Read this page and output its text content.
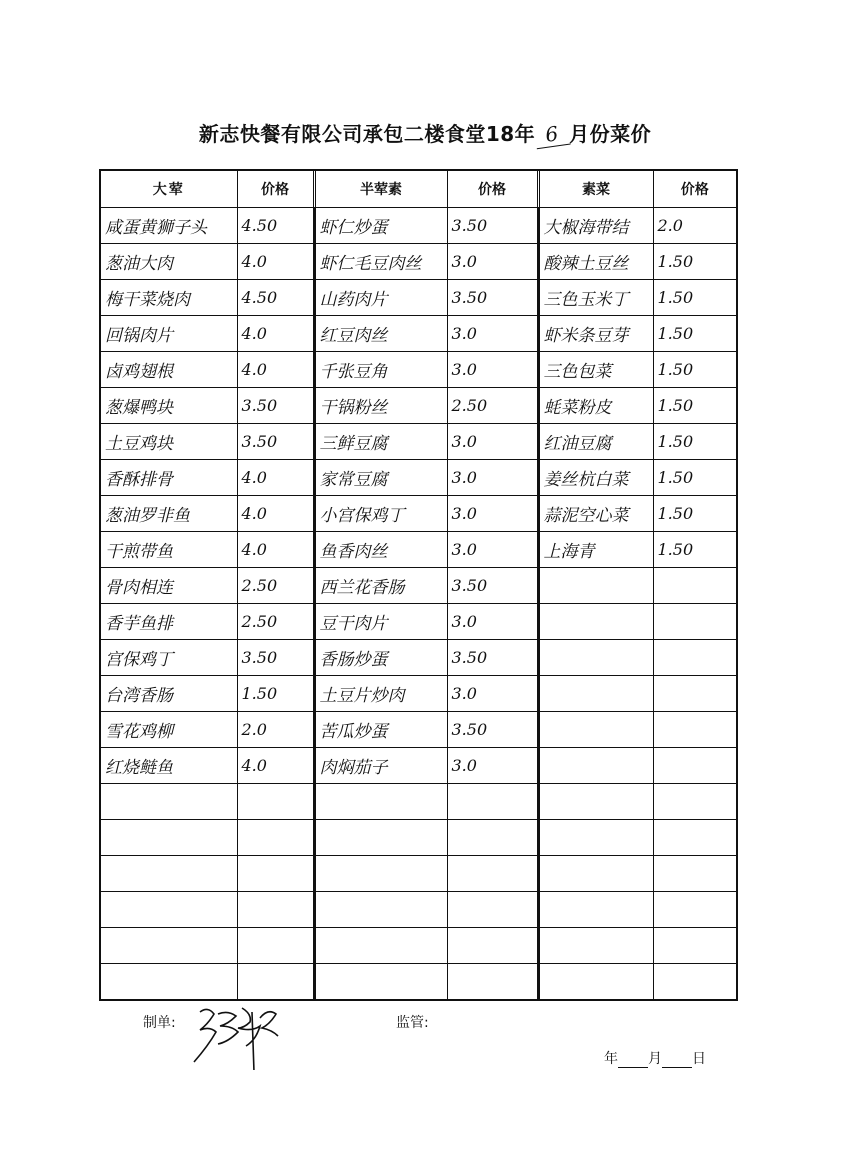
新志快餐有限公司承包二楼食堂18年 6 月份菜价
大荤	价格		半荤素	价格		素菜	价格
咸蛋黄狮子头	4.50		虾仁炒蛋	3.50		大椒海带结	2.0
葱油大肉	4.0		虾仁毛豆肉丝	3.0		酸辣土豆丝	1.50
梅干菜烧肉	4.50		山药肉片	3.50		三色玉米丁	1.50
回锅肉片	4.0		红豆肉丝	3.0		虾米条豆芽	1.50
卤鸡翅根	4.0		千张豆角	3.0		三色包菜	1.50
葱爆鸭块	3.50		干锅粉丝	2.50		蚝菜粉皮	1.50
土豆鸡块	3.50		三鲜豆腐	3.0		红油豆腐	1.50
香酥排骨	4.0		家常豆腐	3.0		姜丝杭白菜	1.50
葱油罗非鱼	4.0		小宫保鸡丁	3.0		蒜泥空心菜	1.50
干煎带鱼	4.0		鱼香肉丝	3.0		上海青	1.50
骨肉相连	2.50		西兰花香肠	3.50			
香芋鱼排	2.50		豆干肉片	3.0			
宫保鸡丁	3.50		香肠炒蛋	3.50			
台湾香肠	1.50		土豆片炒肉	3.0			
雪花鸡柳	2.0		苦瓜炒蛋	3.50			
红烧鲢鱼	4.0		肉焖茄子	3.0			

制单:	监管:
年 月 日
